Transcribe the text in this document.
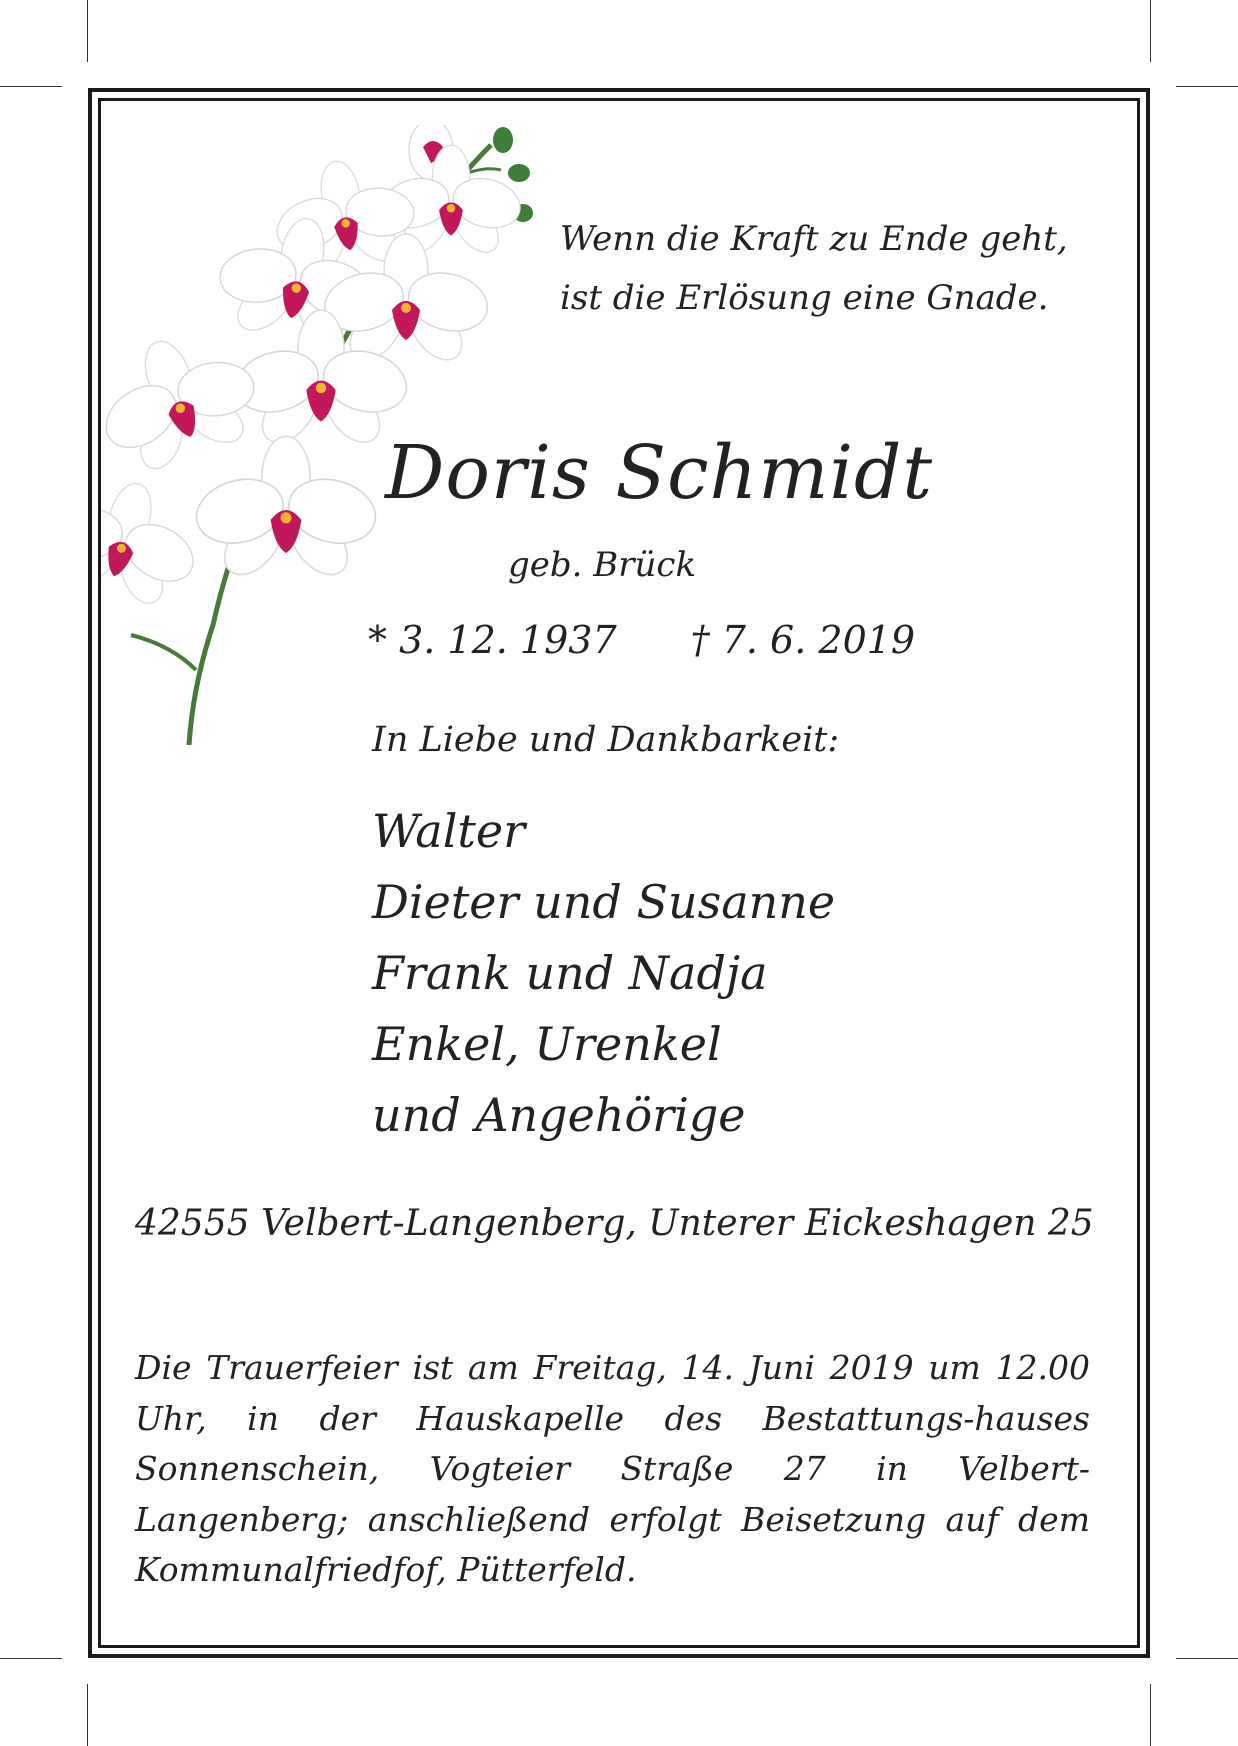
Wenn die Kraft zu Ende geht,
ist die Erlösung eine Gnade.
Doris Schmidt
geb. Brück
* 3. 12. 1937 † 7. 6. 2019
In Liebe und Dankbarkeit:
Walter
Dieter und Susanne
Frank und Nadja
Enkel, Urenkel
und Angehörige
42555 Velbert-Langenberg, Unterer Eickeshagen 25

Die Trauerfeier ist am Freitag, 14. Juni 2019 um 12.00 Uhr, in der Hauskapelle des Bestattungs-hauses Sonnenschein, Vogteier Straße 27 in Velbert-Langenberg; anschließend erfolgt Beisetzung auf dem Kommunalfriedfof, Pütterfeld.
